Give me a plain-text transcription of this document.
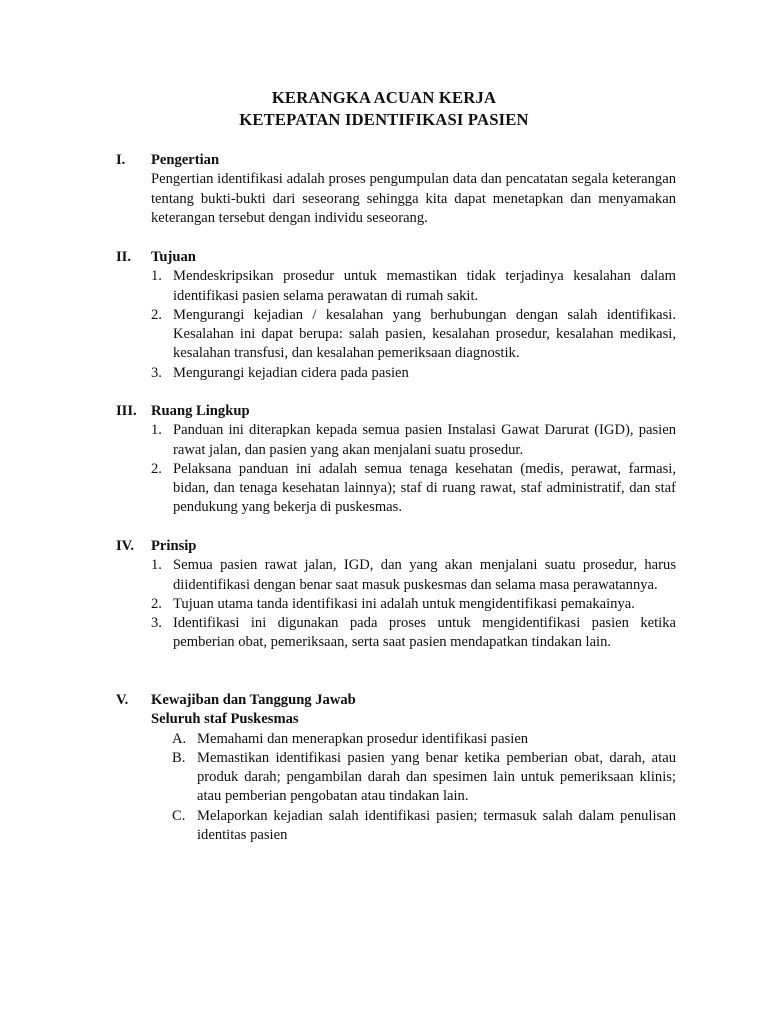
KERANGKA ACUAN KERJA
KETEPATAN IDENTIFIKASI PASIEN
I. Pengertian
Pengertian identifikasi adalah proses pengumpulan data dan pencatatan segala keterangan tentang bukti-bukti dari seseorang sehingga kita dapat menetapkan dan menyamakan keterangan tersebut dengan individu seseorang.
II. Tujuan
1. Mendeskripsikan prosedur untuk memastikan tidak terjadinya kesalahan dalam identifikasi pasien selama perawatan di rumah sakit.
2. Mengurangi kejadian / kesalahan yang berhubungan dengan salah identifikasi. Kesalahan ini dapat berupa: salah pasien, kesalahan prosedur, kesalahan medikasi, kesalahan transfusi, dan kesalahan pemeriksaan diagnostik.
3. Mengurangi kejadian cidera pada pasien
III. Ruang Lingkup
1. Panduan ini diterapkan kepada semua pasien Instalasi Gawat Darurat (IGD), pasien rawat jalan, dan pasien yang akan menjalani suatu prosedur.
2. Pelaksana panduan ini adalah semua tenaga kesehatan (medis, perawat, farmasi, bidan, dan tenaga kesehatan lainnya); staf di ruang rawat, staf administratif, dan staf pendukung yang bekerja di puskesmas.
IV. Prinsip
1. Semua pasien rawat jalan, IGD, dan yang akan menjalani suatu prosedur, harus diidentifikasi dengan benar saat masuk puskesmas dan selama masa perawatannya.
2. Tujuan utama tanda identifikasi ini adalah untuk mengidentifikasi pemakainya.
3. Identifikasi ini digunakan pada proses untuk mengidentifikasi pasien ketika pemberian obat, pemeriksaan, serta saat pasien mendapatkan tindakan lain.
V. Kewajiban dan Tanggung Jawab
Seluruh staf Puskesmas
A. Memahami dan menerapkan prosedur identifikasi pasien
B. Memastikan identifikasi pasien yang benar ketika pemberian obat, darah, atau produk darah; pengambilan darah dan spesimen lain untuk pemeriksaan klinis; atau pemberian pengobatan atau tindakan lain.
C. Melaporkan kejadian salah identifikasi pasien; termasuk salah dalam penulisan identitas pasien
